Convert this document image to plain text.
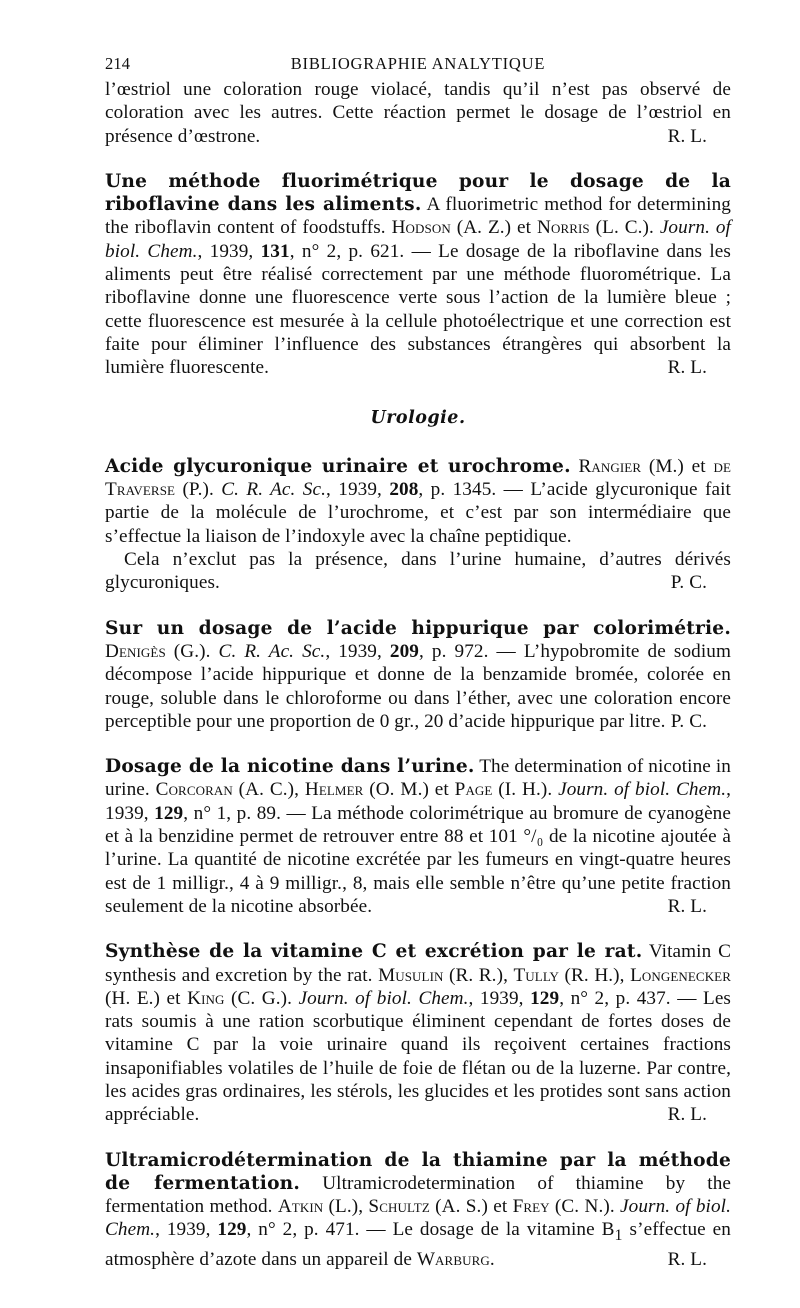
214	BIBLIOGRAPHIE ANALYTIQUE

l’œstriol une coloration rouge violacé, tandis qu’il n’est pas observé de coloration avec les autres. Cette réaction permet le dosage de l’œstriol en présence d’œstrone.	R. L.

Une méthode fluorimétrique pour le dosage de la riboflavine dans les aliments. A fluorimetric method for determining the riboflavin content of foodstuffs. Hodson (A. Z.) et Norris (L. C.). Journ. of biol. Chem., 1939, 131, n° 2, p. 621. — Le dosage de la riboflavine dans les aliments peut être réalisé correctement par une méthode fluorométrique. La riboflavine donne une fluorescence verte sous l’action de la lumière bleue ; cette fluorescence est mesurée à la cellule photoélectrique et une correction est faite pour éliminer l’influence des substances étrangères qui absorbent la lumière fluorescente.	R. L.

Urologie.

Acide glycuronique urinaire et urochrome. Rangier (M.) et de Traverse (P.). C. R. Ac. Sc., 1939, 208, p. 1345. — L’acide glycuronique fait partie de la molécule de l’urochrome, et c’est par son intermédiaire que s’effectue la liaison de l’indoxyle avec la chaîne peptidique.

Cela n’exclut pas la présence, dans l’urine humaine, d’autres dérivés glycuroniques.	P. C.

Sur un dosage de l’acide hippurique par colorimétrie. Denigès (G.). C. R. Ac. Sc., 1939, 209, p. 972. — L’hypobromite de sodium décompose l’acide hippurique et donne de la benzamide bromée, colorée en rouge, soluble dans le chloroforme ou dans l’éther, avec une coloration encore perceptible pour une proportion de 0 gr., 20 d’acide hippurique par litre. P. C.

Dosage de la nicotine dans l’urine. The determination of nicotine in urine. Corcoran (A. C.), Helmer (O. M.) et Page (I. H.). Journ. of biol. Chem., 1939, 129, n° 1, p. 89. — La méthode colorimétrique au bromure de cyanogène et à la benzidine permet de retrouver entre 88 et 101 °/₀ de la nicotine ajoutée à l’urine. La quantité de nicotine excrétée par les fumeurs en vingt-quatre heures est de 1 milligr., 4 à 9 milligr., 8, mais elle semble n’être qu’une petite fraction seulement de la nicotine absorbée.	R. L.

Synthèse de la vitamine C et excrétion par le rat. Vitamin C synthesis and excretion by the rat. Musulin (R. R.), Tully (R. H.), Longenecker (H. E.) et King (C. G.). Journ. of biol. Chem., 1939, 129, n° 2, p. 437. — Les rats soumis à une ration scorbutique éliminent cependant de fortes doses de vitamine C par la voie urinaire quand ils reçoivent certaines fractions insaponifiables volatiles de l’huile de foie de flétan ou de la luzerne. Par contre, les acides gras ordinaires, les stérols, les glucides et les protides sont sans action appréciable.	R. L.

Ultramicrodétermination de la thiamine par la méthode de fermentation. Ultramicrodetermination of thiamine by the fermentation method. Atkin (L.), Schultz (A. S.) et Frey (C. N.). Journ. of biol. Chem., 1939, 129, n° 2, p. 471. — Le dosage de la vitamine $B_1$ s’effectue en atmosphère d’azote dans un appareil de Warburg.	R. L.
